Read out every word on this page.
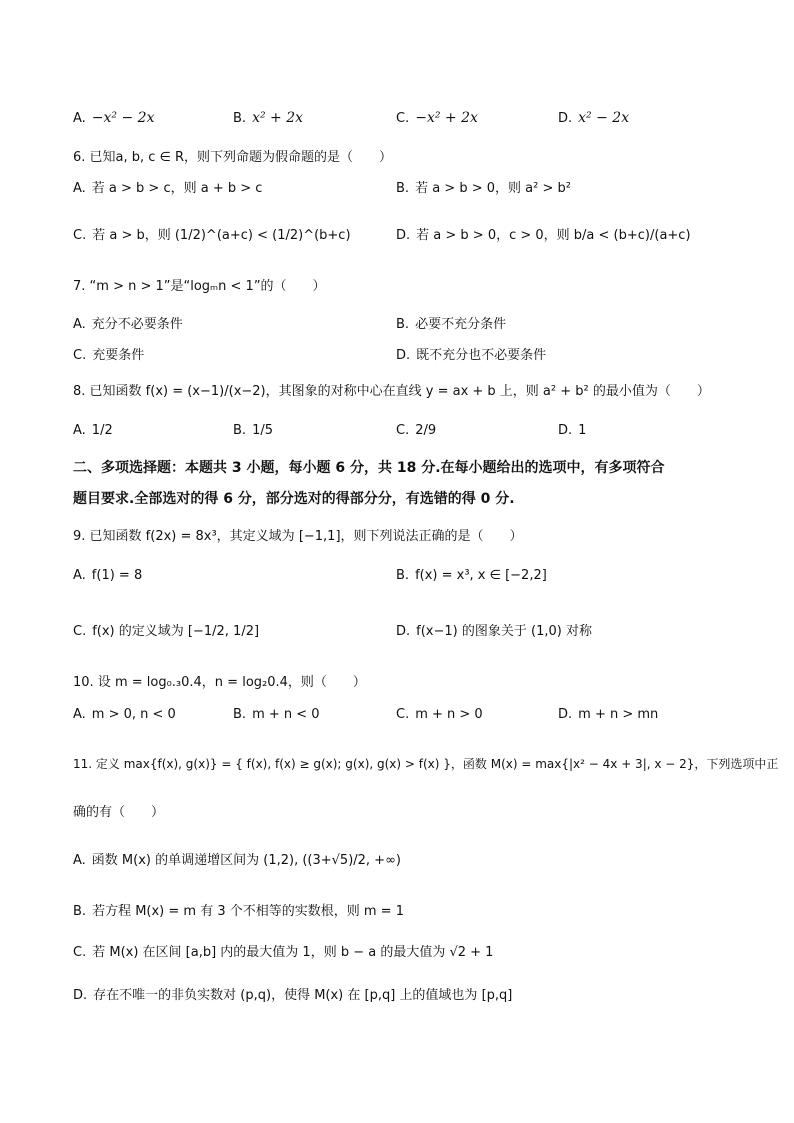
A. −x² − 2x	B. x² + 2x	C. −x² + 2x	D. x² − 2x
6. 已知a, b, c ∈ R，则下列命题为假命题的是（　　）
A. 若 a > b > c，则 a + b > c	B. 若 a > b > 0，则 a² > b²
C. 若 a > b，则 (1/2)^(a+c) < (1/2)^(b+c)	D. 若 a > b > 0，c > 0，则 b/a < (b+c)/(a+c)
7. “m > n > 1”是“logₘn < 1”的（　　）
A. 充分不必要条件	B. 必要不充分条件
C. 充要条件	D. 既不充分也不必要条件
8. 已知函数 f(x) = (x−1)/(x−2)，其图象的对称中心在直线 y = ax + b 上，则 a² + b² 的最小值为（　　）
A. 1/2	B. 1/5	C. 2/9	D. 1
二、多项选择题：本题共 3 小题，每小题 6 分，共 18 分.在每小题给出的选项中，有多项符合
题目要求.全部选对的得 6 分，部分选对的得部分分，有选错的得 0 分.
9. 已知函数 f(2x) = 8x³，其定义域为 [−1,1]，则下列说法正确的是（　　）
A. f(1) = 8	B. f(x) = x³, x ∈ [−2,2]
C. f(x) 的定义域为 [−1/2, 1/2]	D. f(x−1) 的图象关于 (1,0) 对称
10. 设 m = log₀.₃0.4，n = log₂0.4，则（　　）
A. m > 0, n < 0	B. m + n < 0	C. m + n > 0	D. m + n > mn
11. 定义 max{f(x), g(x)} = { f(x), f(x) ≥ g(x); g(x), g(x) > f(x) }，函数 M(x) = max{|x² − 4x + 3|, x − 2}，下列选项中正
确的有（　　）
A. 函数 M(x) 的单调递增区间为 (1,2), ((3+√5)/2, +∞)
B. 若方程 M(x) = m 有 3 个不相等的实数根，则 m = 1
C. 若 M(x) 在区间 [a,b] 内的最大值为 1，则 b − a 的最大值为 √2 + 1
D. 存在不唯一的非负实数对 (p,q)，使得 M(x) 在 [p,q] 上的值域也为 [p,q]
